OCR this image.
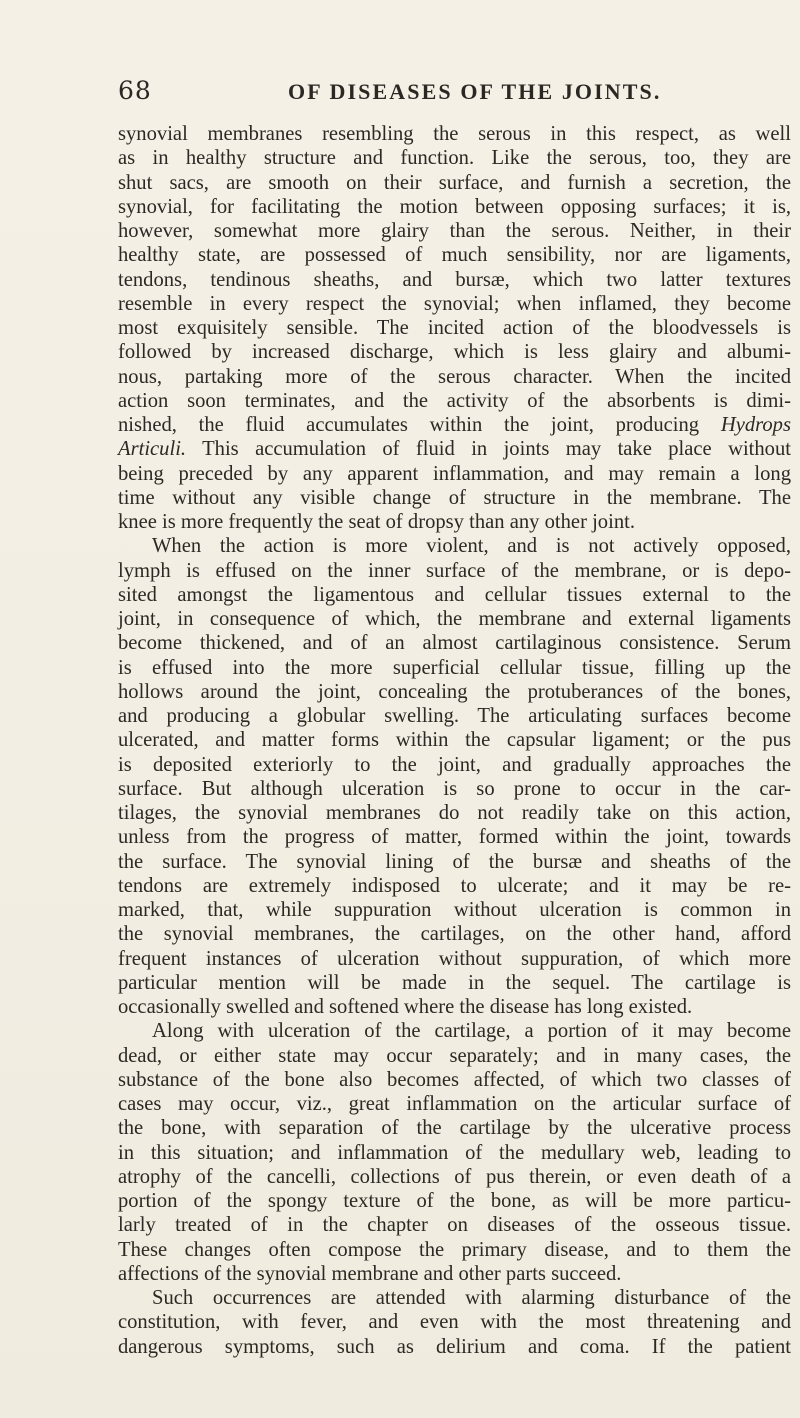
68	OF DISEASES OF THE JOINTS.
synovial membranes resembling the serous in this respect, as well
as in healthy structure and function. Like the serous, too, they are
shut sacs, are smooth on their surface, and furnish a secretion, the
synovial, for facilitating the motion between opposing surfaces; it is,
however, somewhat more glairy than the serous. Neither, in their
healthy state, are possessed of much sensibility, nor are ligaments,
tendons, tendinous sheaths, and bursæ, which two latter textures
resemble in every respect the synovial; when inflamed, they become
most exquisitely sensible. The incited action of the bloodvessels is
followed by increased discharge, which is less glairy and albumi-
nous, partaking more of the serous character. When the incited
action soon terminates, and the activity of the absorbents is dimi-
nished, the fluid accumulates within the joint, producing Hydrops
Articuli. This accumulation of fluid in joints may take place without
being preceded by any apparent inflammation, and may remain a long
time without any visible change of structure in the membrane. The
knee is more frequently the seat of dropsy than any other joint.
When the action is more violent, and is not actively opposed,
lymph is effused on the inner surface of the membrane, or is depo-
sited amongst the ligamentous and cellular tissues external to the
joint, in consequence of which, the membrane and external ligaments
become thickened, and of an almost cartilaginous consistence. Serum
is effused into the more superficial cellular tissue, filling up the
hollows around the joint, concealing the protuberances of the bones,
and producing a globular swelling. The articulating surfaces become
ulcerated, and matter forms within the capsular ligament; or the pus
is deposited exteriorly to the joint, and gradually approaches the
surface. But although ulceration is so prone to occur in the car-
tilages, the synovial membranes do not readily take on this action,
unless from the progress of matter, formed within the joint, towards
the surface. The synovial lining of the bursæ and sheaths of the
tendons are extremely indisposed to ulcerate; and it may be re-
marked, that, while suppuration without ulceration is common in
the synovial membranes, the cartilages, on the other hand, afford
frequent instances of ulceration without suppuration, of which more
particular mention will be made in the sequel. The cartilage is
occasionally swelled and softened where the disease has long existed.
Along with ulceration of the cartilage, a portion of it may become
dead, or either state may occur separately; and in many cases, the
substance of the bone also becomes affected, of which two classes of
cases may occur, viz., great inflammation on the articular surface of
the bone, with separation of the cartilage by the ulcerative process
in this situation; and inflammation of the medullary web, leading to
atrophy of the cancelli, collections of pus therein, or even death of a
portion of the spongy texture of the bone, as will be more particu-
larly treated of in the chapter on diseases of the osseous tissue.
These changes often compose the primary disease, and to them the
affections of the synovial membrane and other parts succeed.
Such occurrences are attended with alarming disturbance of the
constitution, with fever, and even with the most threatening and
dangerous symptoms, such as delirium and coma. If the patient
